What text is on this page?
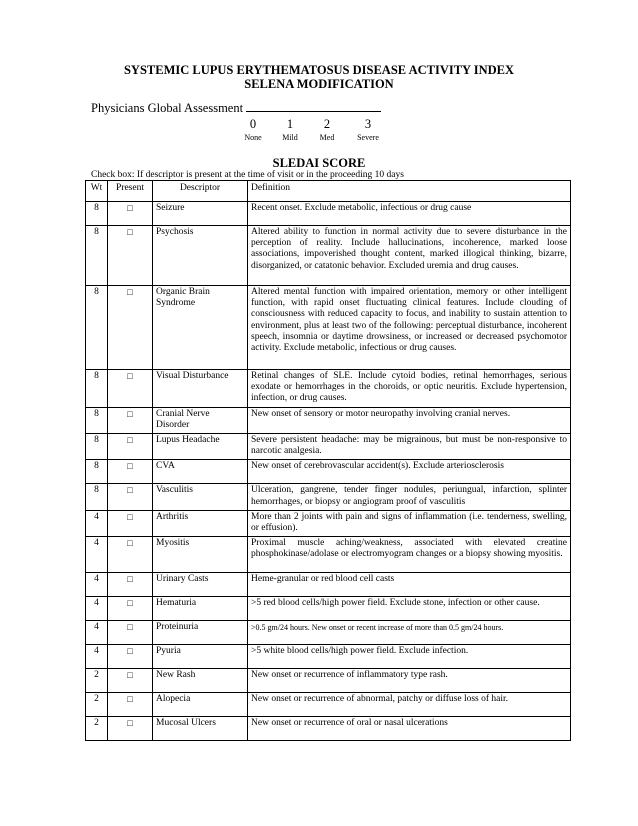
SYSTEMIC LUPUS ERYTHEMATOSUS DISEASE ACTIVITY INDEX
SELENA MODIFICATION
Physicians Global Assessment
0	1	2	3
None	Mild	Med	Severe
SLEDAI SCORE
Check box: If descriptor is present at the time of visit or in the proceeding 10 days
Wt	Present	Descriptor	Definition
8	□	Seizure	Recent onset. Exclude metabolic, infectious or drug cause
8	□	Psychosis	Altered ability to function in normal activity due to severe disturbance in the perception of reality. Include hallucinations, incoherence, marked loose associations, impoverished thought content, marked illogical thinking, bizarre, disorganized, or catatonic behavior. Excluded uremia and drug causes.
8	□	Organic Brain Syndrome	Altered mental function with impaired orientation, memory or other intelligent function, with rapid onset fluctuating clinical features. Include clouding of consciousness with reduced capacity to focus, and inability to sustain attention to environment, plus at least two of the following: perceptual disturbance, incoherent speech, insomnia or daytime drowsiness, or increased or decreased psychomotor activity. Exclude metabolic, infectious or drug causes.
8	□	Visual Disturbance	Retinal changes of SLE. Include cytoid bodies, retinal hemorrhages, serious exodate or hemorrhages in the choroids, or optic neuritis. Exclude hypertension, infection, or drug causes.
8	□	Cranial Nerve Disorder	New onset of sensory or motor neuropathy involving cranial nerves.
8	□	Lupus Headache	Severe persistent headache: may be migrainous, but must be non-responsive to narcotic analgesia.
8	□	CVA	New onset of cerebrovascular accident(s). Exclude arteriosclerosis
8	□	Vasculitis	Ulceration, gangrene, tender finger nodules, periungual, infarction, splinter hemorrhages, or biopsy or angiogram proof of vasculitis
4	□	Arthritis	More than 2 joints with pain and signs of inflammation (i.e. tenderness, swelling, or effusion).
4	□	Myositis	Proximal muscle aching/weakness, associated with elevated creatine phosphokinase/adolase or electromyogram changes or a biopsy showing myositis.
4	□	Urinary Casts	Heme-granular or red blood cell casts
4	□	Hematuria	>5 red blood cells/high power field. Exclude stone, infection or other cause.
4	□	Proteinuria	>0.5 gm/24 hours. New onset or recent increase of more than 0.5 gm/24 hours.
4	□	Pyuria	>5 white blood cells/high power field. Exclude infection.
2	□	New Rash	New onset or recurrence of inflammatory type rash.
2	□	Alopecia	New onset or recurrence of abnormal, patchy or diffuse loss of hair.
2	□	Mucosal Ulcers	New onset or recurrence of oral or nasal ulcerations
